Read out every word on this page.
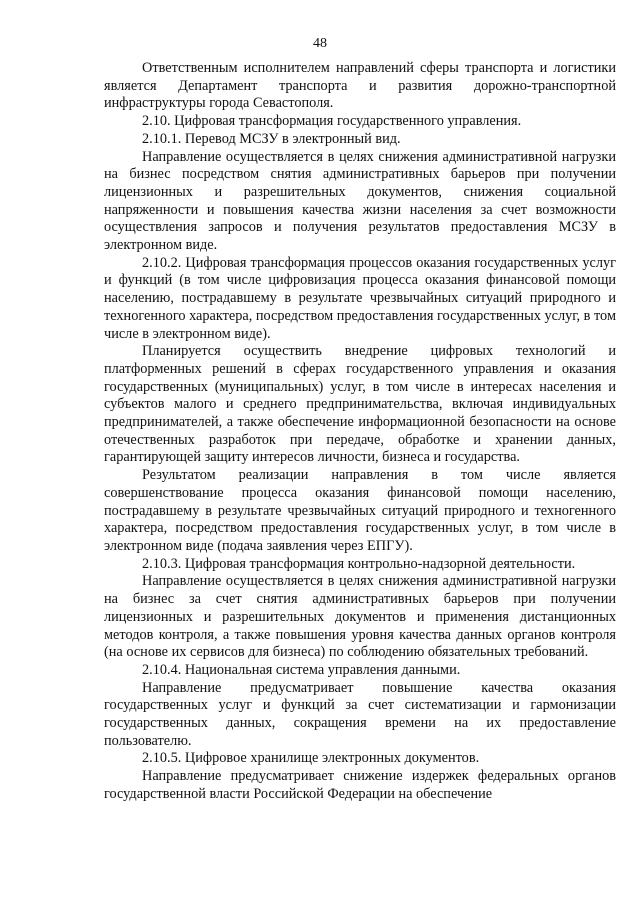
48

Ответственным исполнителем направлений сферы транспорта и логистики является Департамент транспорта и развития дорожно-транспортной инфраструктуры города Севастополя.

2.10. Цифровая трансформация государственного управления.

2.10.1. Перевод МСЗУ в электронный вид.

Направление осуществляется в целях снижения административной нагрузки на бизнес посредством снятия административных барьеров при получении лицензионных и разрешительных документов, снижения социальной напряженности и повышения качества жизни населения за счет возможности осуществления запросов и получения результатов предоставления МСЗУ в электронном виде.

2.10.2. Цифровая трансформация процессов оказания государственных услуг и функций (в том числе цифровизация процесса оказания финансовой помощи населению, пострадавшему в результате чрезвычайных ситуаций природного и техногенного характера, посредством предоставления государственных услуг, в том числе в электронном виде).

Планируется осуществить внедрение цифровых технологий и платформенных решений в сферах государственного управления и оказания государственных (муниципальных) услуг, в том числе в интересах населения и субъектов малого и среднего предпринимательства, включая индивидуальных предпринимателей, а также обеспечение информационной безопасности на основе отечественных разработок при передаче, обработке и хранении данных, гарантирующей защиту интересов личности, бизнеса и государства.

Результатом реализации направления в том числе является совершенствование процесса оказания финансовой помощи населению, пострадавшему в результате чрезвычайных ситуаций природного и техногенного характера, посредством предоставления государственных услуг, в том числе в электронном виде (подача заявления через ЕПГУ).

2.10.3. Цифровая трансформация контрольно-надзорной деятельности.

Направление осуществляется в целях снижения административной нагрузки на бизнес за счет снятия административных барьеров при получении лицензионных и разрешительных документов и применения дистанционных методов контроля, а также повышения уровня качества данных органов контроля (на основе их сервисов для бизнеса) по соблюдению обязательных требований.

2.10.4. Национальная система управления данными.

Направление предусматривает повышение качества оказания государственных услуг и функций за счет систематизации и гармонизации государственных данных, сокращения времени на их предоставление пользователю.

2.10.5. Цифровое хранилище электронных документов.

Направление предусматривает снижение издержек федеральных органов государственной власти Российской Федерации на обеспечение
